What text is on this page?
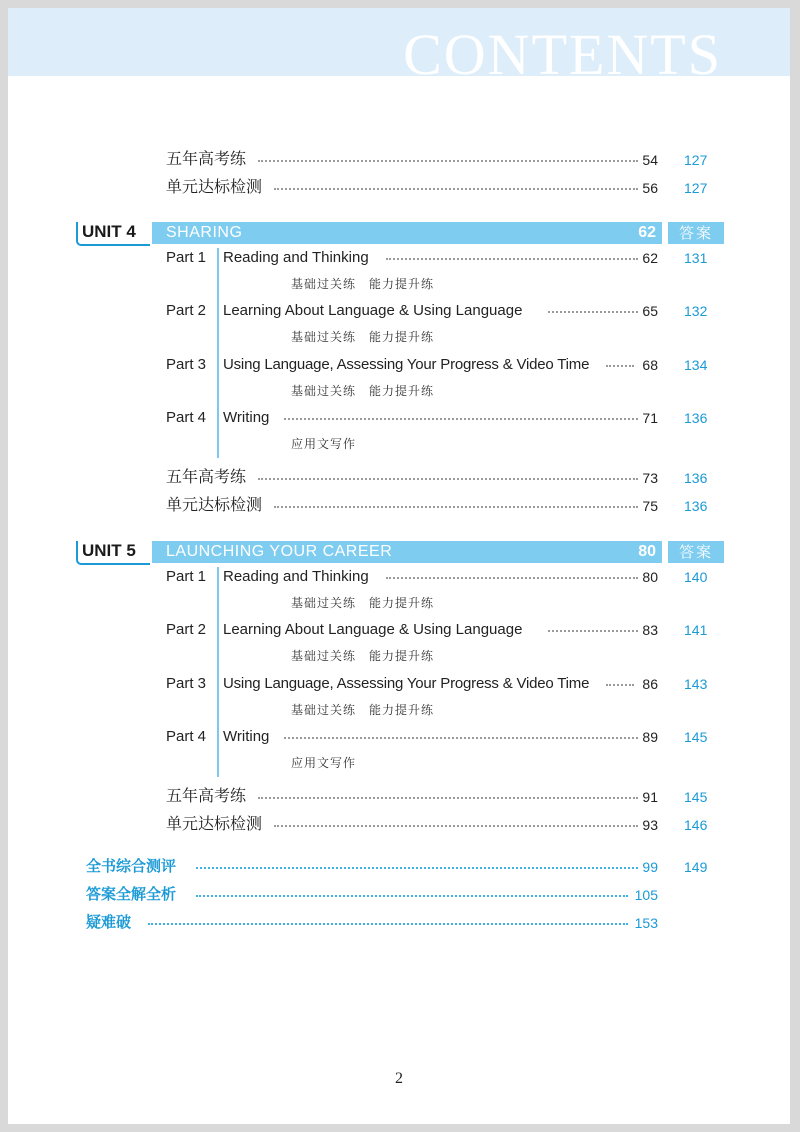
CONTENTS
五年高考练	54 127
单元达标检测	56 127
UNIT 4	SHARING	62	答案
Part 1 Reading and Thinking	62 131
基础过关练　能力提升练
Part 2 Learning About Language & Using Language	65 132
基础过关练　能力提升练
Part 3 Using Language, Assessing Your Progress & Video Time	68 134
基础过关练　能力提升练
Part 4 Writing	71 136
应用文写作
五年高考练	73 136
单元达标检测	75 136
UNIT 5	LAUNCHING YOUR CAREER	80	答案
Part 1 Reading and Thinking	80 140
基础过关练　能力提升练
Part 2 Learning About Language & Using Language	83 141
基础过关练　能力提升练
Part 3 Using Language, Assessing Your Progress & Video Time	86 143
基础过关练　能力提升练
Part 4 Writing	89 145
应用文写作
五年高考练	91 145
单元达标检测	93 146
全书综合测评	99 149
答案全解全析	105
疑难破	153
2
